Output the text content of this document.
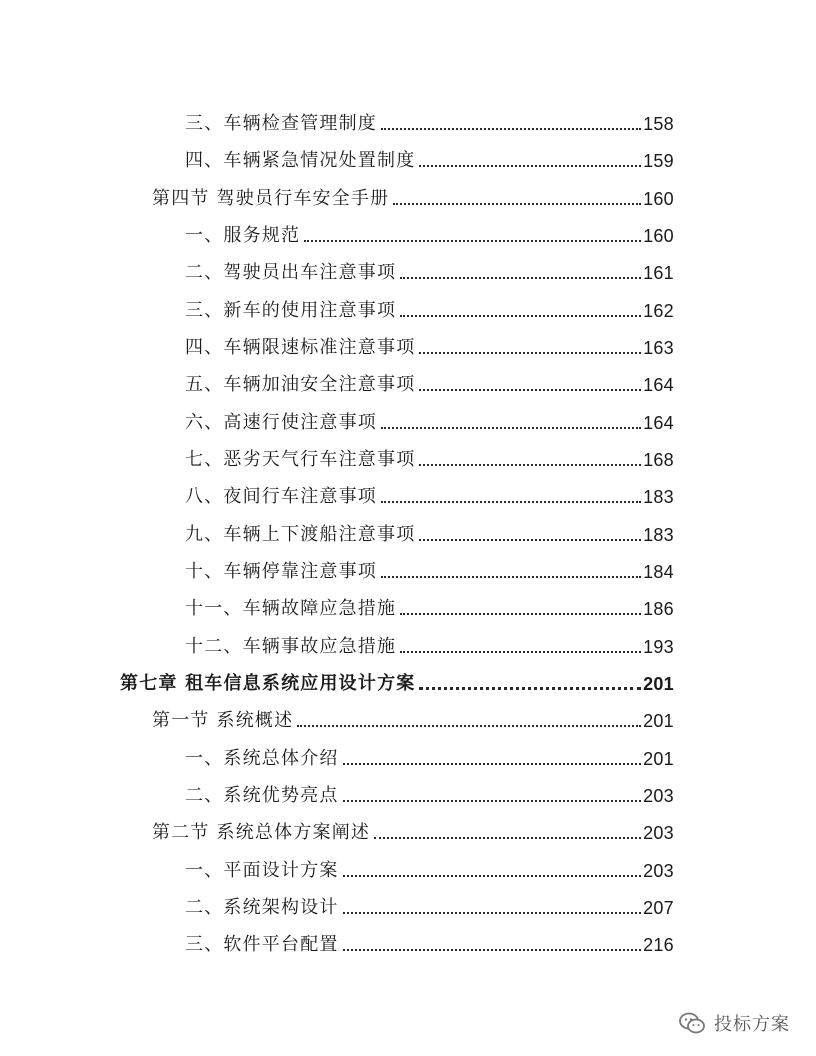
三、车辆检查管理制度	158
四、车辆紧急情况处置制度	159
第四节 驾驶员行车安全手册	160
一、服务规范	160
二、驾驶员出车注意事项	161
三、新车的使用注意事项	162
四、车辆限速标准注意事项	163
五、车辆加油安全注意事项	164
六、高速行使注意事项	164
七、恶劣天气行车注意事项	168
八、夜间行车注意事项	183
九、车辆上下渡船注意事项	183
十、车辆停靠注意事项	184
十一、车辆故障应急措施	186
十二、车辆事故应急措施	193
第七章 租车信息系统应用设计方案	201
第一节 系统概述	201
一、系统总体介绍	201
二、系统优势亮点	203
第二节 系统总体方案阐述	203
一、平面设计方案	203
二、系统架构设计	207
三、软件平台配置	216
投标方案
